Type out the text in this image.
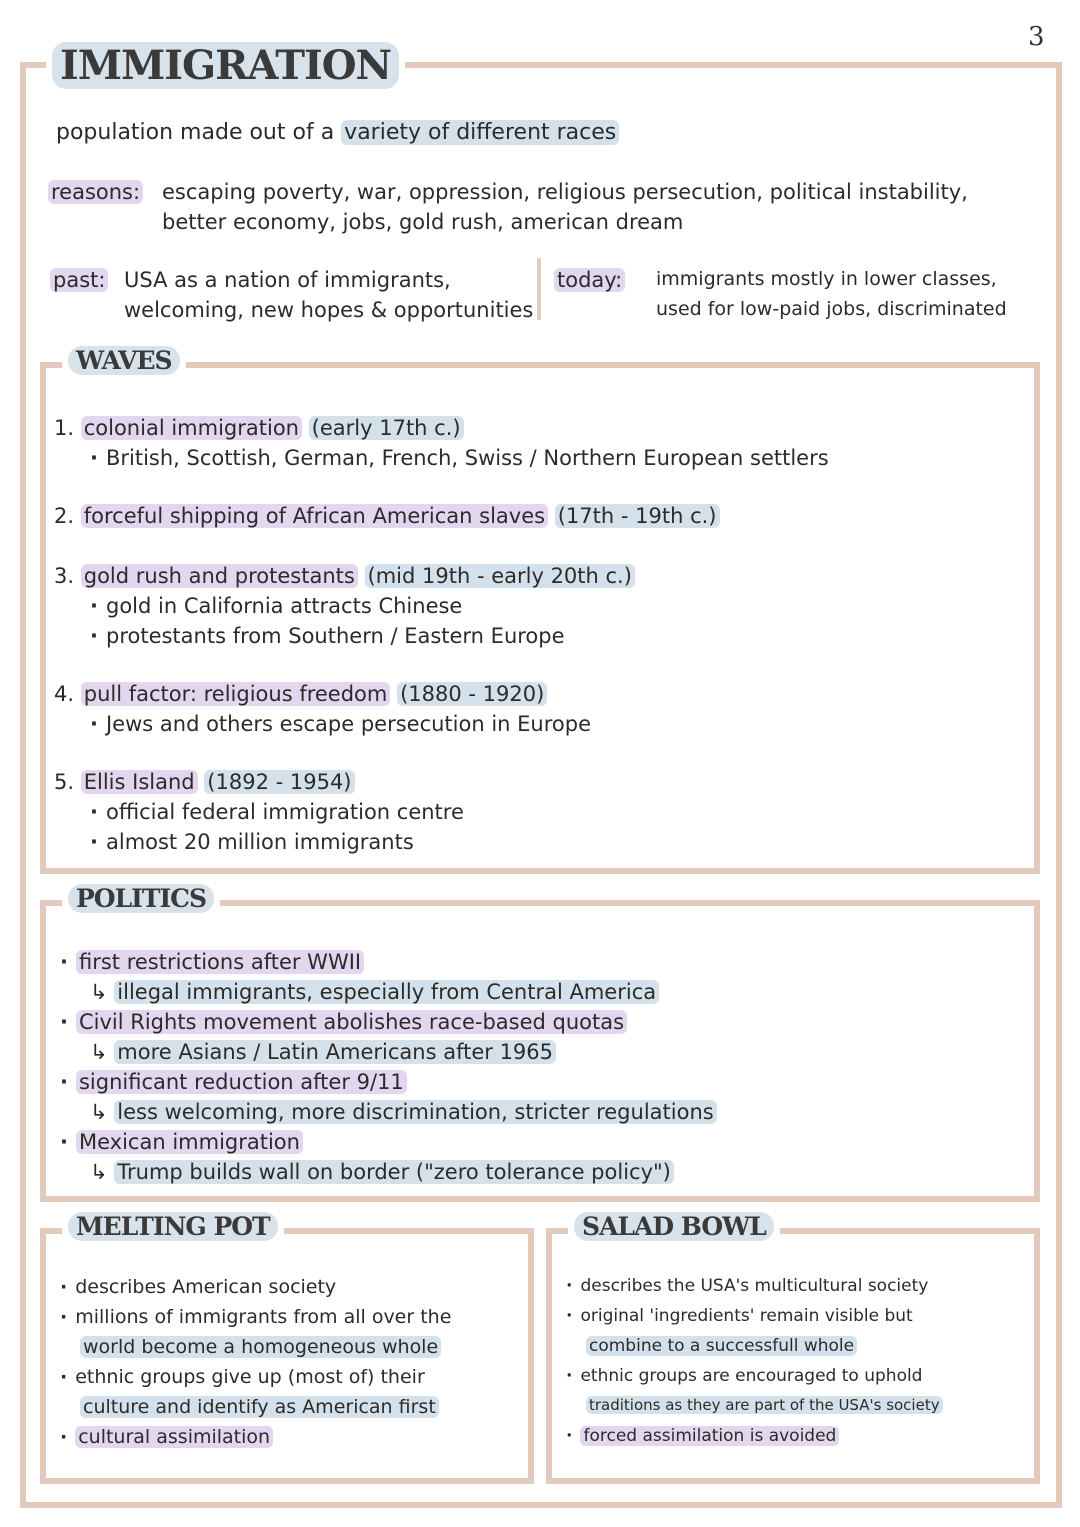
3
IMMIGRATION
population made out of a variety of different races
reasons: escaping poverty, war, oppression, religious persecution, political instability,
better economy, jobs, gold rush, american dream
past: USA as a nation of immigrants,
welcoming, new hopes & opportunities
today: immigrants mostly in lower classes,
used for low-paid jobs, discriminated
WAVES
1. colonial immigration (early 17th c.)
· British, Scottish, German, French, Swiss / Northern European settlers
2. forceful shipping of African American slaves (17th - 19th c.)
3. gold rush and protestants (mid 19th - early 20th c.)
· gold in California attracts Chinese
· protestants from Southern / Eastern Europe
4. pull factor: religious freedom (1880 - 1920)
· Jews and others escape persecution in Europe
5. Ellis Island (1892 - 1954)
· official federal immigration centre
· almost 20 million immigrants
POLITICS
· first restrictions after WWII
↳ illegal immigrants, especially from Central America
· Civil Rights movement abolishes race-based quotas
↳ more Asians / Latin Americans after 1965
· significant reduction after 9/11
↳ less welcoming, more discrimination, stricter regulations
· Mexican immigration
↳ Trump builds wall on border ("zero tolerance policy")
MELTING POT
· describes American society
· millions of immigrants from all over the
world become a homogeneous whole
· ethnic groups give up (most of) their
culture and identify as American first
· cultural assimilation
SALAD BOWL
· describes the USA's multicultural society
· original 'ingredients' remain visible but
combine to a successfull whole
· ethnic groups are encouraged to uphold
traditions as they are part of the USA's society
· forced assimilation is avoided
